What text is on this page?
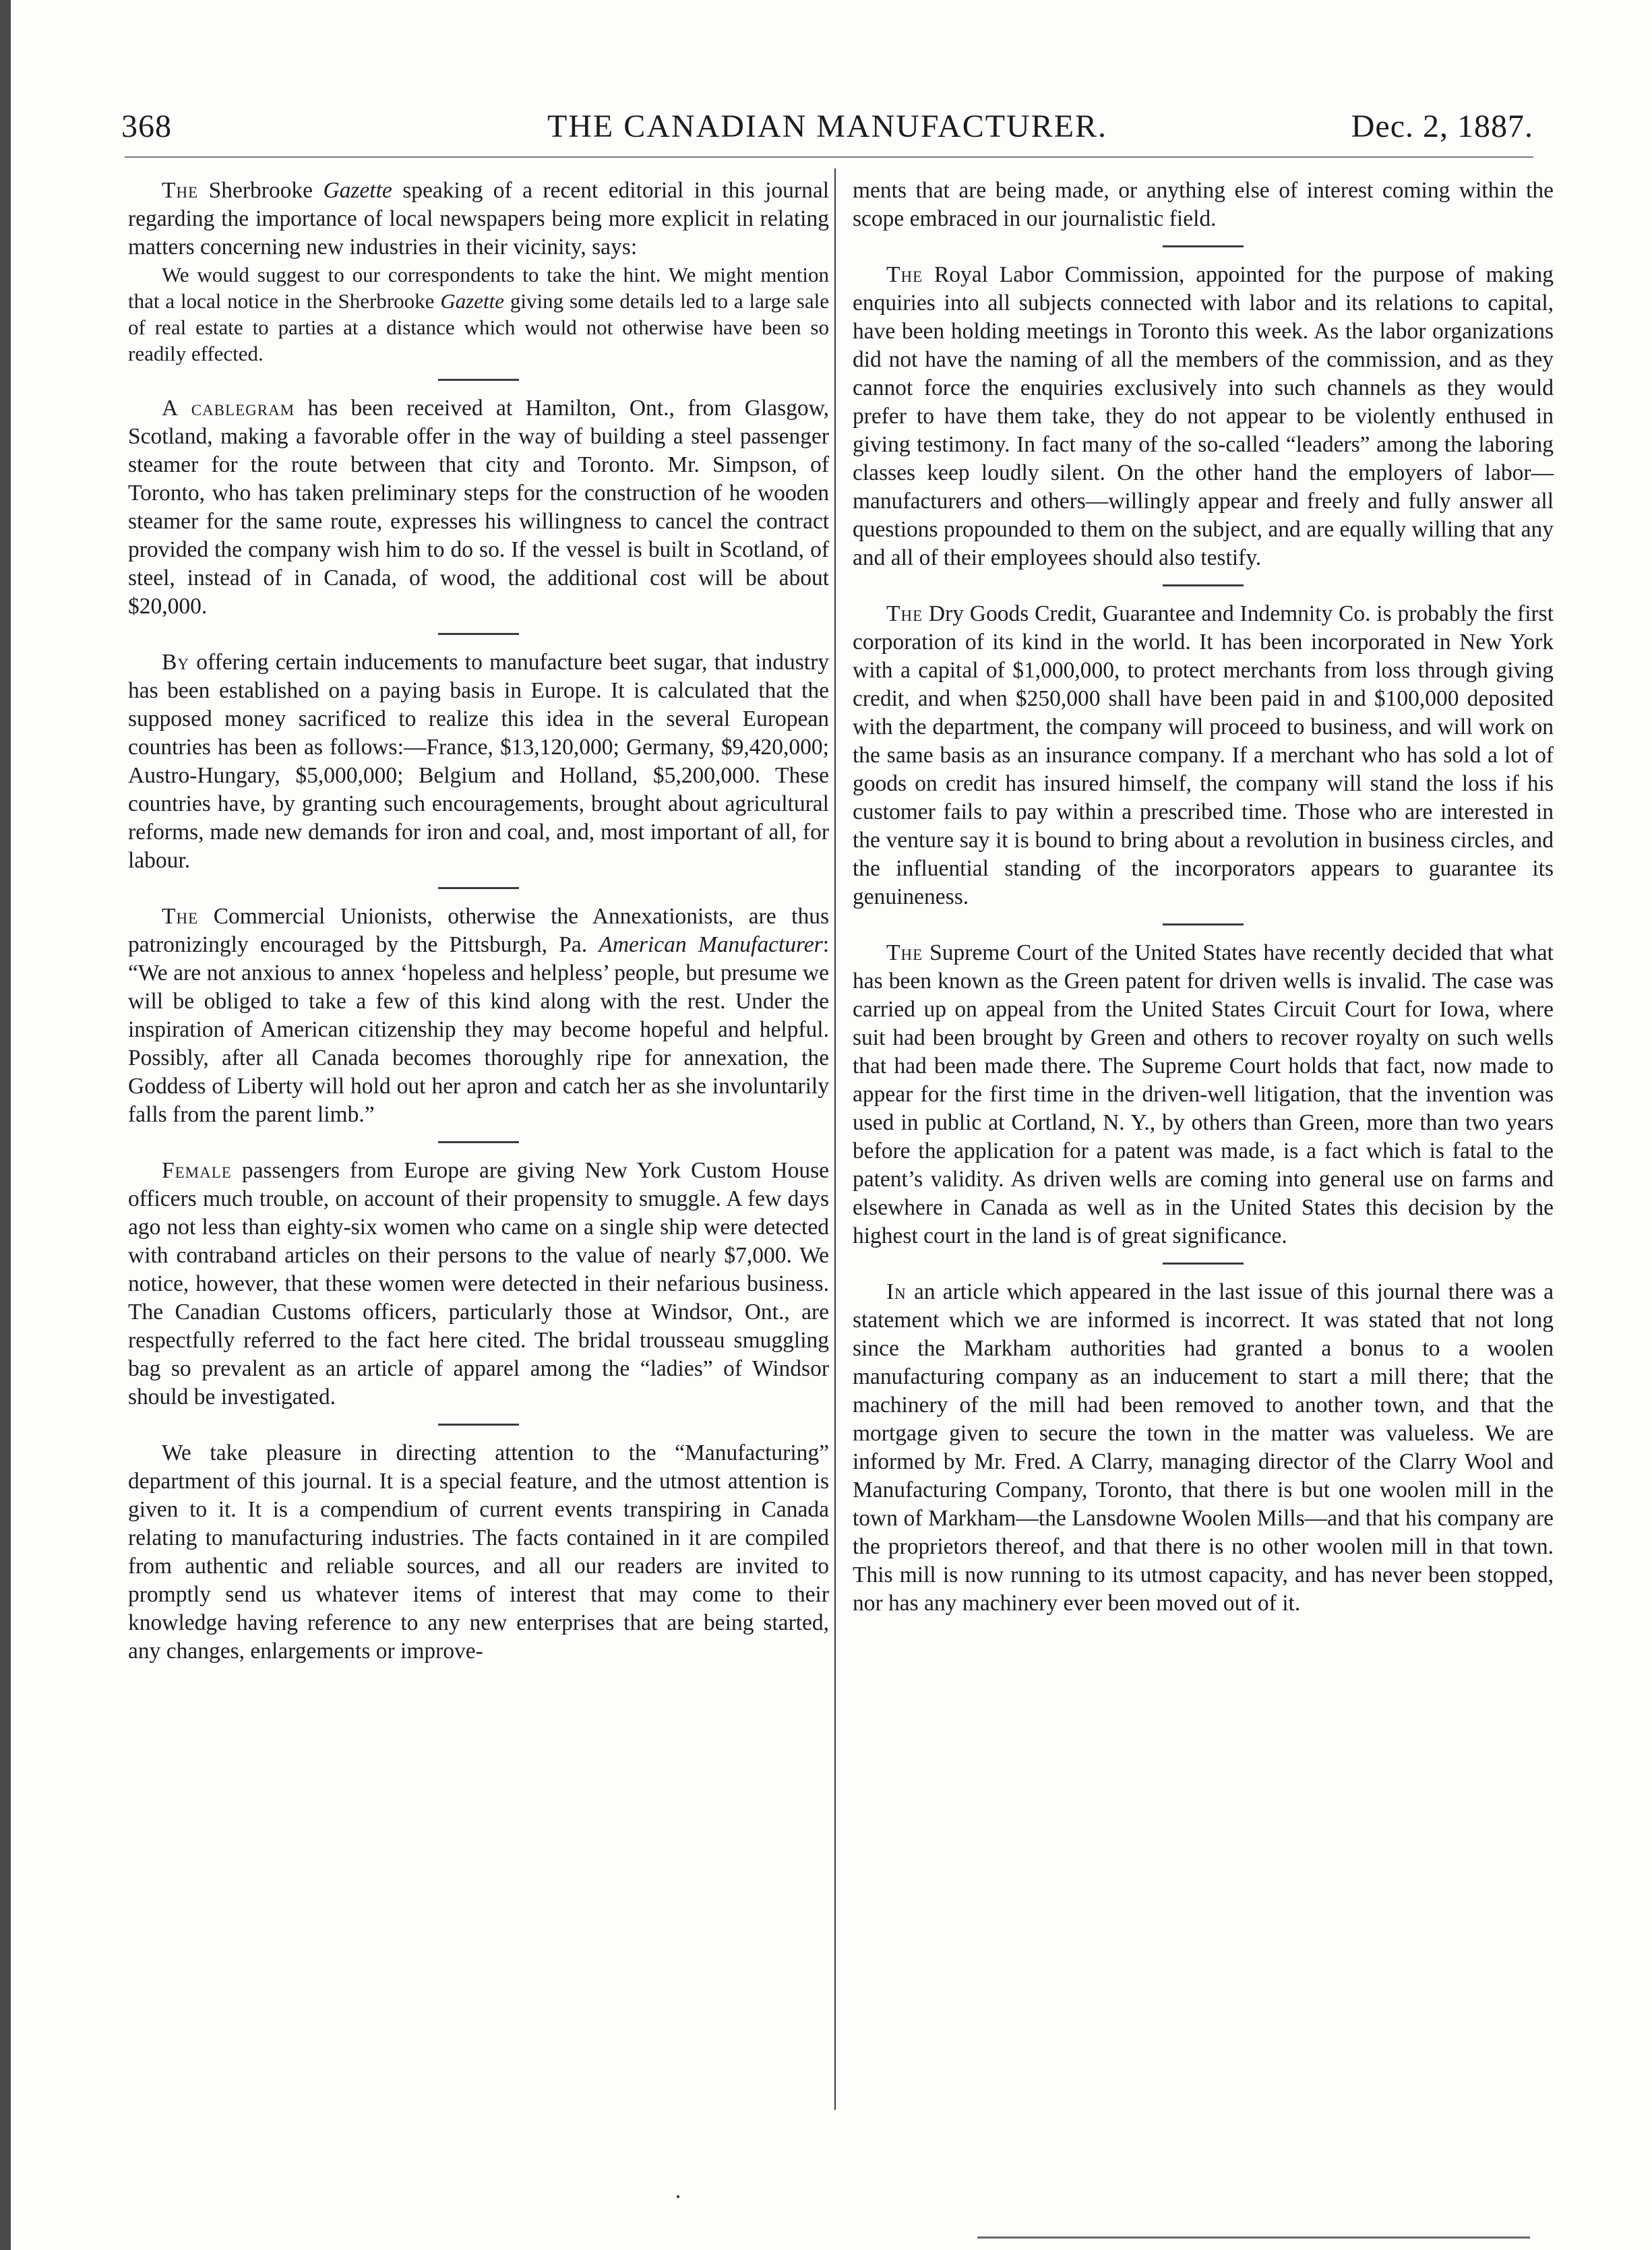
368	THE CANADIAN MANUFACTURER.	Dec. 2, 1887.

The Sherbrooke Gazette speaking of a recent editorial in this journal regarding the importance of local newspapers being more explicit in relating matters concerning new industries in their vicinity, says:

We would suggest to our correspondents to take the hint. We might mention that a local notice in the Sherbrooke Gazette giving some details led to a large sale of real estate to parties at a distance which would not otherwise have been so readily effected.

A cablegram has been received at Hamilton, Ont., from Glasgow, Scotland, making a favorable offer in the way of building a steel passenger steamer for the route between that city and Toronto. Mr. Simpson, of Toronto, who has taken preliminary steps for the construction of he wooden steamer for the same route, expresses his willingness to cancel the contract provided the company wish him to do so. If the vessel is built in Scotland, of steel, instead of in Canada, of wood, the additional cost will be about $20,000.

By offering certain inducements to manufacture beet sugar, that industry has been established on a paying basis in Europe. It is calculated that the supposed money sacrificed to realize this idea in the several European countries has been as follows:—France, $13,120,000; Germany, $9,420,000; Austro-Hungary, $5,000,000; Belgium and Holland, $5,200,000. These countries have, by granting such encouragements, brought about agricultural reforms, made new demands for iron and coal, and, most important of all, for labour.

The Commercial Unionists, otherwise the Annexationists, are thus patronizingly encouraged by the Pittsburgh, Pa. American Manufacturer: “We are not anxious to annex ‘hopeless and helpless’ people, but presume we will be obliged to take a few of this kind along with the rest. Under the inspiration of American citizenship they may become hopeful and helpful. Possibly, after all Canada becomes thoroughly ripe for annexation, the Goddess of Liberty will hold out her apron and catch her as she involuntarily falls from the parent limb.”

Female passengers from Europe are giving New York Custom House officers much trouble, on account of their propensity to smuggle. A few days ago not less than eighty-six women who came on a single ship were detected with contraband articles on their persons to the value of nearly $7,000. We notice, however, that these women were detected in their nefarious business. The Canadian Customs officers, particularly those at Windsor, Ont., are respectfully referred to the fact here cited. The bridal trousseau smuggling bag so prevalent as an article of apparel among the “ladies” of Windsor should be investigated.

We take pleasure in directing attention to the “Manufacturing” department of this journal. It is a special feature, and the utmost attention is given to it. It is a compendium of current events transpiring in Canada relating to manufacturing industries. The facts contained in it are compiled from authentic and reliable sources, and all our readers are invited to promptly send us whatever items of interest that may come to their knowledge having reference to any new enterprises that are being started, any changes, enlargements or improve-

ments that are being made, or anything else of interest coming within the scope embraced in our journalistic field.

The Royal Labor Commission, appointed for the purpose of making enquiries into all subjects connected with labor and its relations to capital, have been holding meetings in Toronto this week. As the labor organizations did not have the naming of all the members of the commission, and as they cannot force the enquiries exclusively into such channels as they would prefer to have them take, they do not appear to be violently enthused in giving testimony. In fact many of the so-called “leaders” among the laboring classes keep loudly silent. On the other hand the employers of labor—manufacturers and others—willingly appear and freely and fully answer all questions propounded to them on the subject, and are equally willing that any and all of their employees should also testify.

The Dry Goods Credit, Guarantee and Indemnity Co. is probably the first corporation of its kind in the world. It has been incorporated in New York with a capital of $1,000,000, to protect merchants from loss through giving credit, and when $250,000 shall have been paid in and $100,000 deposited with the department, the company will proceed to business, and will work on the same basis as an insurance company. If a merchant who has sold a lot of goods on credit has insured himself, the company will stand the loss if his customer fails to pay within a prescribed time. Those who are interested in the venture say it is bound to bring about a revolution in business circles, and the influential standing of the incorporators appears to guarantee its genuineness.

The Supreme Court of the United States have recently decided that what has been known as the Green patent for driven wells is invalid. The case was carried up on appeal from the United States Circuit Court for Iowa, where suit had been brought by Green and others to recover royalty on such wells that had been made there. The Supreme Court holds that fact, now made to appear for the first time in the driven-well litigation, that the invention was used in public at Cortland, N. Y., by others than Green, more than two years before the application for a patent was made, is a fact which is fatal to the patent’s validity. As driven wells are coming into general use on farms and elsewhere in Canada as well as in the United States this decision by the highest court in the land is of great significance.

In an article which appeared in the last issue of this journal there was a statement which we are informed is incorrect. It was stated that not long since the Markham authorities had granted a bonus to a woolen manufacturing company as an inducement to start a mill there; that the machinery of the mill had been removed to another town, and that the mortgage given to secure the town in the matter was valueless. We are informed by Mr. Fred. A Clarry, managing director of the Clarry Wool and Manufacturing Company, Toronto, that there is but one woolen mill in the town of Markham—the Lansdowne Woolen Mills—and that his company are the proprietors thereof, and that there is no other woolen mill in that town. This mill is now running to its utmost capacity, and has never been stopped, nor has any machinery ever been moved out of it.

·
